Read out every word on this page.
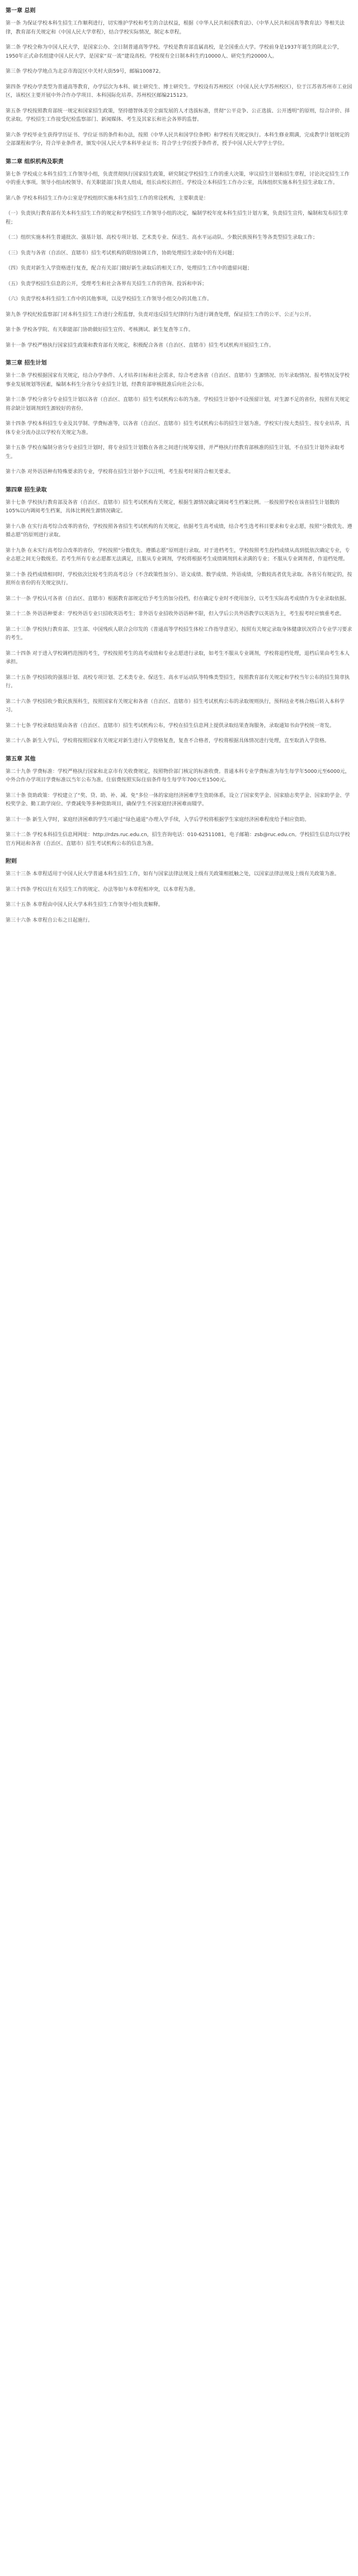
第一章 总则
第一条 为保证学校本科生招生工作顺利进行，切实维护学校和考生的合法权益，根据《中华人民共和国教育法》、《中华人民共和国高等教育法》等相关法律，教育部有关规定和《中国人民大学章程》，结合学校实际情况，制定本章程。
第二条 学校全称为中国人民大学，是国家公办、全日制普通高等学校。学校是教育部直属高校，是全国重点大学。学校前身是1937年诞生的陕北公学，1950年正式命名组建中国人民大学，是国家“双一流”建设高校。学校现有全日制本科生约10000人、研究生约20000人。
第三条 学校办学地点为北京市海淀区中关村大街59号，邮编100872。
第四条 学校办学类型为普通高等教育，办学层次为本科、硕士研究生、博士研究生。学校设有苏州校区（中国人民大学苏州校区），位于江苏省苏州市工业园区，该校区主要开展中外合作办学项目、本科国际化培养。苏州校区邮编215123。
第五条 学校按照教育部统一规定和国家招生政策，坚持德智体美劳全面发展的人才选拔标准，贯彻“公平竞争、公正选拔、公开透明”的原则，综合评价、择优录取。学校招生工作接受纪检监察部门、新闻媒体、考生及其家长和社会各界的监督。
第六条 学校毕业生获得学历证书、学位证书的条件和办法，按照《中华人民共和国学位条例》和学校有关规定执行。本科生修业期满，完成教学计划规定的全部课程和学分，符合毕业条件者，颁发中国人民大学本科毕业证书；符合学士学位授予条件者，授予中国人民大学学士学位。
第二章 组织机构及职责
第七条 学校成立本科生招生工作领导小组，负责贯彻执行国家招生政策，研究制定学校招生工作的重大决策，审议招生计划和招生章程，讨论决定招生工作中的重大事项。领导小组由校领导、有关职能部门负责人组成，组长由校长担任。学校设立本科招生工作办公室，具体组织实施本科生招生录取工作。
第八条 学校本科招生工作办公室是学校组织实施本科生招生工作的常设机构，主要职责是：
（一）负责执行教育部有关本科生招生工作的规定和学校招生工作领导小组的决定，编制学校年度本科生招生计划方案，负责招生宣传，编制和发布招生章程；
（二）组织实施本科生普通批次、强基计划、高校专项计划、艺术类专业、保送生、高水平运动队、少数民族预科生等各类型招生录取工作；
（三）负责与各省（自治区、直辖市）招生考试机构的联络协调工作，协助处理招生录取中的有关问题；
（四）负责对新生入学资格进行复查，配合有关部门做好新生录取后的相关工作，处理招生工作中的遗留问题；
（五）负责学校招生信息的公开，受理考生和社会各界有关招生工作的咨询、投诉和申诉；
（六）负责学校本科生招生工作中的其他事项，以及学校招生工作领导小组交办的其他工作。
第九条 学校纪检监察部门对本科生招生工作进行全程监督，负责对违反招生纪律的行为进行调查处理，保证招生工作的公平、公正与公开。
第十条 学校各学院、有关职能部门协助做好招生宣传、考核测试、新生复查等工作。
第十一条 学校严格执行国家招生政策和教育部有关规定，积极配合各省（自治区、直辖市）招生考试机构开展招生工作。
第三章 招生计划
第十二条 学校根据国家有关规定，结合办学条件、人才培养目标和社会需求，综合考虑各省（自治区、直辖市）生源情况、历年录取情况、报考情况及学校事业发展规划等因素，编制本科生分省分专业招生计划，经教育部审核批准后向社会公布。
第十三条 学校分省分专业招生计划以各省（自治区、直辖市）招生考试机构公布的为准。学校招生计划中不设预留计划，对生源不足的省份，按照有关规定将余缺计划调剂到生源较好的省份。
第十四条 学校本科招生专业及其学制、学费标准等，以各省（自治区、直辖市）招生考试机构公布的招生计划为准。学校实行按大类招生、按专业培养，具体专业分流办法以学校有关规定为准。
第十五条 学校在编制分省分专业招生计划时，将专业招生计划数在各省之间进行统筹安排，并严格执行经教育部核准的招生计划，不在招生计划外录取考生。
第十六条 对外语语种有特殊要求的专业，学校将在招生计划中予以注明，考生报考时须符合相关要求。
第四章 招生录取
第十七条 学校执行教育部及各省（自治区、直辖市）招生考试机构有关规定，根据生源情况确定调阅考生档案比例。一般按照学校在该省招生计划数的105%以内调阅考生档案，具体比例视生源情况确定。
第十八条 在实行高考综合改革的省份，学校按照各省招生考试机构的有关规定，依据考生高考成绩，结合考生选考科目要求和专业志愿，按照“分数优先、遵循志愿”的原则进行录取。
第十九条 在未实行高考综合改革的省份，学校按照“分数优先、遵循志愿”原则进行录取。对于进档考生，学校按照考生投档成绩从高到低依次确定专业，专业志愿之间无分数级差。若考生所有专业志愿都无法满足，且服从专业调剂，学校将根据考生成绩调剂到未录满的专业；不服从专业调剂者，作退档处理。
第二十条 投档成绩相同时，学校依次比较考生的高考总分（不含政策性加分）、语文成绩、数学成绩、外语成绩，分数较高者优先录取。各省另有规定的，按照所在省份的有关规定执行。
第二十一条 学校认可各省（自治区、直辖市）根据教育部规定给予考生的加分投档，但在确定专业时不使用加分，以考生实际高考成绩作为专业录取依据。
第二十二条 外语语种要求：学校外语专业只招收英语考生；非外语专业招收外语语种不限，但入学后公共外语教学以英语为主，考生报考时应慎重考虑。
第二十三条 学校执行教育部、卫生部、中国残疾人联合会印发的《普通高等学校招生体检工作指导意见》，按照有关规定录取身体健康状况符合专业学习要求的考生。
第二十四条 对于进入学校调档范围的考生，学校按照考生的高考成绩和专业志愿进行录取，如考生不服从专业调剂，学校将退档处理，退档后果由考生本人承担。
第二十五条 学校招收的强基计划、高校专项计划、艺术类专业、保送生、高水平运动队等特殊类型招生，按照教育部有关规定和学校当年公布的招生简章执行。
第二十六条 学校招收少数民族预科生，按照国家有关规定和各省（自治区、直辖市）招生考试机构公布的录取规则执行，预科结业考核合格后转入本科学习。
第二十七条 学校录取结果由各省（自治区、直辖市）招生考试机构公布，学校在招生信息网上提供录取结果查询服务，录取通知书由学校统一寄发。
第二十八条 新生入学后，学校将按照国家有关规定对新生进行入学资格复查，复查不合格者，学校将根据具体情况进行处理，直至取消入学资格。
第五章 其他
第二十九条 学费标准：学校严格执行国家和北京市有关收费规定，按照物价部门核定的标准收费。普通本科专业学费标准为每生每学年5000元至6000元，中外合作办学项目学费标准以当年公布为准。住宿费按照实际住宿条件每生每学年700元至1500元。
第三十条 资助政策：学校建立了“奖、贷、助、补、减、免”多位一体的家庭经济困难学生资助体系，设立了国家奖学金、国家励志奖学金、国家助学金、学校奖学金、勤工助学岗位、学费减免等多种资助项目，确保学生不因家庭经济困难而辍学。
第三十一条 新生入学时，家庭经济困难的学生可通过“绿色通道”办理入学手续，入学后学校将根据学生家庭经济困难程度给予相应资助。
第三十二条 学校本科招生信息网网址：http://rdzs.ruc.edu.cn，招生咨询电话：010-62511081，电子邮箱：zsb@ruc.edu.cn。学校招生信息均以学校官方网站和各省（自治区、直辖市）招生考试机构公布的信息为准。
附则
第三十三条 本章程适用于中国人民大学普通本科生招生工作，如有与国家法律法规及上级有关政策相抵触之处，以国家法律法规及上级有关政策为准。
第三十四条 学校以往有关招生工作的规定、办法等如与本章程相冲突，以本章程为准。
第三十五条 本章程由中国人民大学本科生招生工作领导小组负责解释。
第三十六条 本章程自公布之日起施行。
